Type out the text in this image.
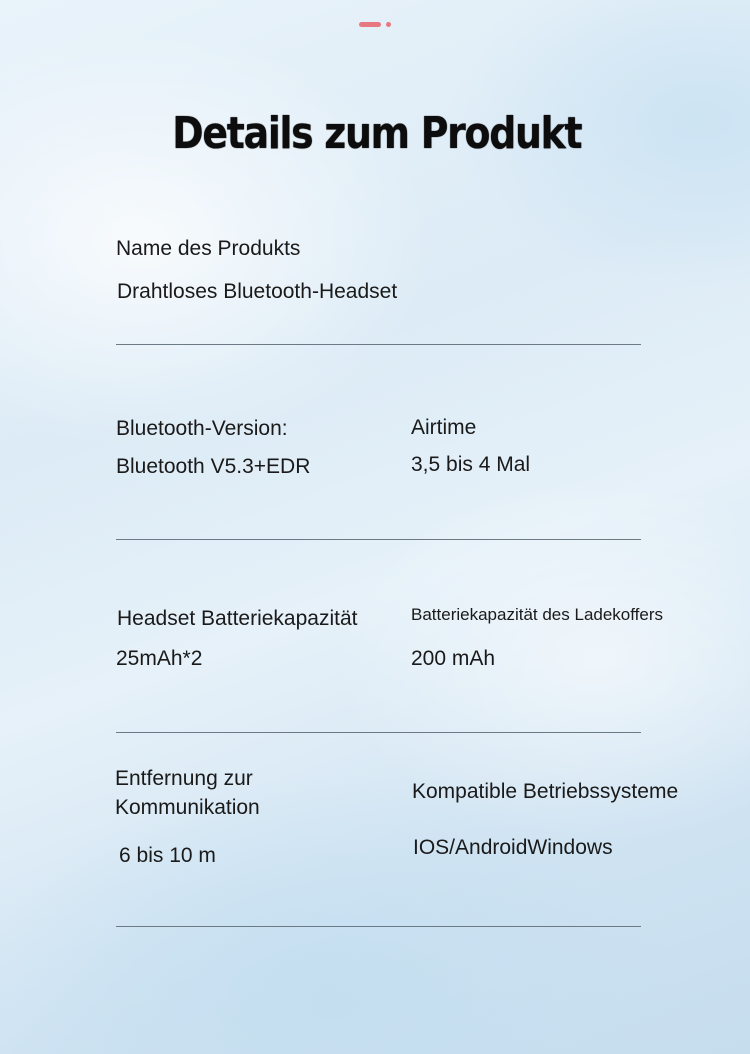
Details zum Produkt
Name des Produkts
Drahtloses Bluetooth-Headset
Bluetooth-Version:
Bluetooth V5.3+EDR
Airtime
3,5 bis 4 Mal
Headset Batteriekapazität
25mAh*2
Batteriekapazität des Ladekoffers
200 mAh
Entfernung zur
Kommunikation
6 bis 10 m
Kompatible Betriebssysteme
IOS/AndroidWindows
